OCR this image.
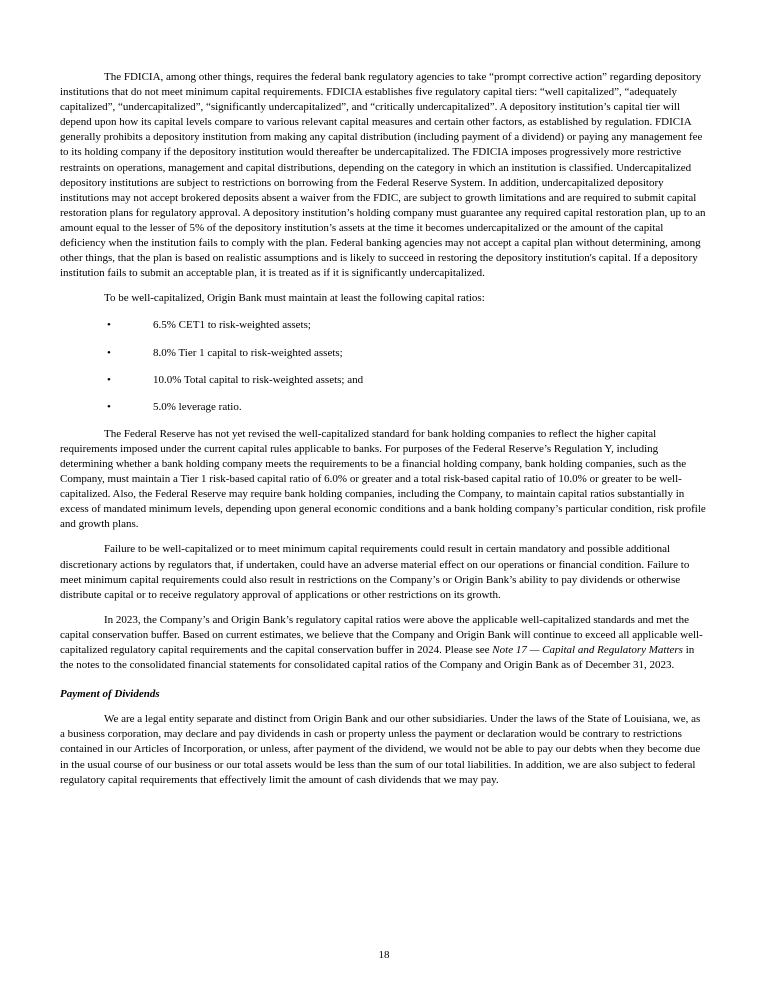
The FDICIA, among other things, requires the federal bank regulatory agencies to take “prompt corrective action” regarding depository institutions that do not meet minimum capital requirements. FDICIA establishes five regulatory capital tiers: “well capitalized”, “adequately capitalized”, “undercapitalized”, “significantly undercapitalized”, and “critically undercapitalized”. A depository institution’s capital tier will depend upon how its capital levels compare to various relevant capital measures and certain other factors, as established by regulation. FDICIA generally prohibits a depository institution from making any capital distribution (including payment of a dividend) or paying any management fee to its holding company if the depository institution would thereafter be undercapitalized. The FDICIA imposes progressively more restrictive restraints on operations, management and capital distributions, depending on the category in which an institution is classified. Undercapitalized depository institutions are subject to restrictions on borrowing from the Federal Reserve System. In addition, undercapitalized depository institutions may not accept brokered deposits absent a waiver from the FDIC, are subject to growth limitations and are required to submit capital restoration plans for regulatory approval. A depository institution’s holding company must guarantee any required capital restoration plan, up to an amount equal to the lesser of 5% of the depository institution’s assets at the time it becomes undercapitalized or the amount of the capital deficiency when the institution fails to comply with the plan. Federal banking agencies may not accept a capital plan without determining, among other things, that the plan is based on realistic assumptions and is likely to succeed in restoring the depository institution's capital. If a depository institution fails to submit an acceptable plan, it is treated as if it is significantly undercapitalized.

To be well-capitalized, Origin Bank must maintain at least the following capital ratios:

•	6.5% CET1 to risk-weighted assets;
•	8.0% Tier 1 capital to risk-weighted assets;
•	10.0% Total capital to risk-weighted assets; and
•	5.0% leverage ratio.

The Federal Reserve has not yet revised the well-capitalized standard for bank holding companies to reflect the higher capital requirements imposed under the current capital rules applicable to banks. For purposes of the Federal Reserve’s Regulation Y, including determining whether a bank holding company meets the requirements to be a financial holding company, bank holding companies, such as the Company, must maintain a Tier 1 risk-based capital ratio of 6.0% or greater and a total risk-based capital ratio of 10.0% or greater to be well-capitalized. Also, the Federal Reserve may require bank holding companies, including the Company, to maintain capital ratios substantially in excess of mandated minimum levels, depending upon general economic conditions and a bank holding company’s particular condition, risk profile and growth plans.

Failure to be well-capitalized or to meet minimum capital requirements could result in certain mandatory and possible additional discretionary actions by regulators that, if undertaken, could have an adverse material effect on our operations or financial condition. Failure to meet minimum capital requirements could also result in restrictions on the Company’s or Origin Bank’s ability to pay dividends or otherwise distribute capital or to receive regulatory approval of applications or other restrictions on its growth.

In 2023, the Company’s and Origin Bank’s regulatory capital ratios were above the applicable well-capitalized standards and met the capital conservation buffer. Based on current estimates, we believe that the Company and Origin Bank will continue to exceed all applicable well-capitalized regulatory capital requirements and the capital conservation buffer in 2024. Please see Note 17 — Capital and Regulatory Matters in the notes to the consolidated financial statements for consolidated capital ratios of the Company and Origin Bank as of December 31, 2023.

Payment of Dividends

We are a legal entity separate and distinct from Origin Bank and our other subsidiaries. Under the laws of the State of Louisiana, we, as a business corporation, may declare and pay dividends in cash or property unless the payment or declaration would be contrary to restrictions contained in our Articles of Incorporation, or unless, after payment of the dividend, we would not be able to pay our debts when they become due in the usual course of our business or our total assets would be less than the sum of our total liabilities. In addition, we are also subject to federal regulatory capital requirements that effectively limit the amount of cash dividends that we may pay.

18
